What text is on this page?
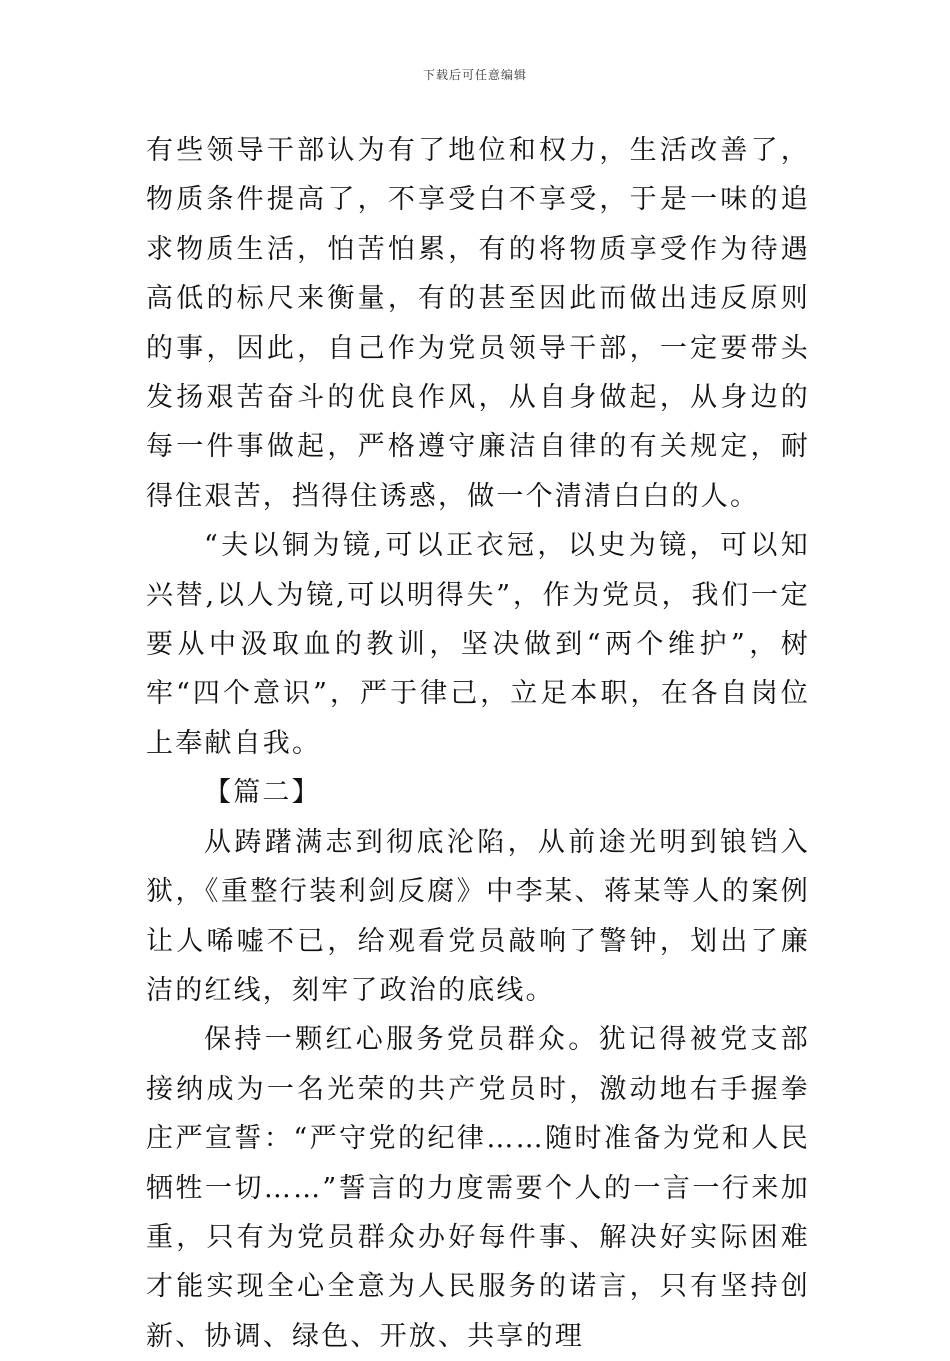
下载后可任意编辑

有些领导干部认为有了地位和权力，生活改善了，物质条件提高了，不享受白不享受，于是一味的追求物质生活，怕苦怕累，有的将物质享受作为待遇高低的标尺来衡量，有的甚至因此而做出违反原则的事，因此，自己作为党员领导干部，一定要带头发扬艰苦奋斗的优良作风，从自身做起，从身边的每一件事做起，严格遵守廉洁自律的有关规定，耐得住艰苦，挡得住诱惑，做一个清清白白的人。

“夫以铜为镜,可以正衣冠，以史为镜，可以知兴替,以人为镜,可以明得失”，作为党员，我们一定要从中汲取血的教训，坚决做到“两个维护”，树牢“四个意识”，严于律己，立足本职，在各自岗位上奉献自我。

【篇二】

从踌躇满志到彻底沦陷，从前途光明到锒铛入狱，《重整行装利剑反腐》中李某、蒋某等人的案例让人唏嘘不已，给观看党员敲响了警钟，划出了廉洁的红线，刻牢了政治的底线。

保持一颗红心服务党员群众。犹记得被党支部接纳成为一名光荣的共产党员时，激动地右手握拳庄严宣誓：“严守党的纪律……随时准备为党和人民牺牲一切……”誓言的力度需要个人的一言一行来加重，只有为党员群众办好每件事、解决好实际困难才能实现全心全意为人民服务的诺言，只有坚持创新、协调、绿色、开放、共享的理
